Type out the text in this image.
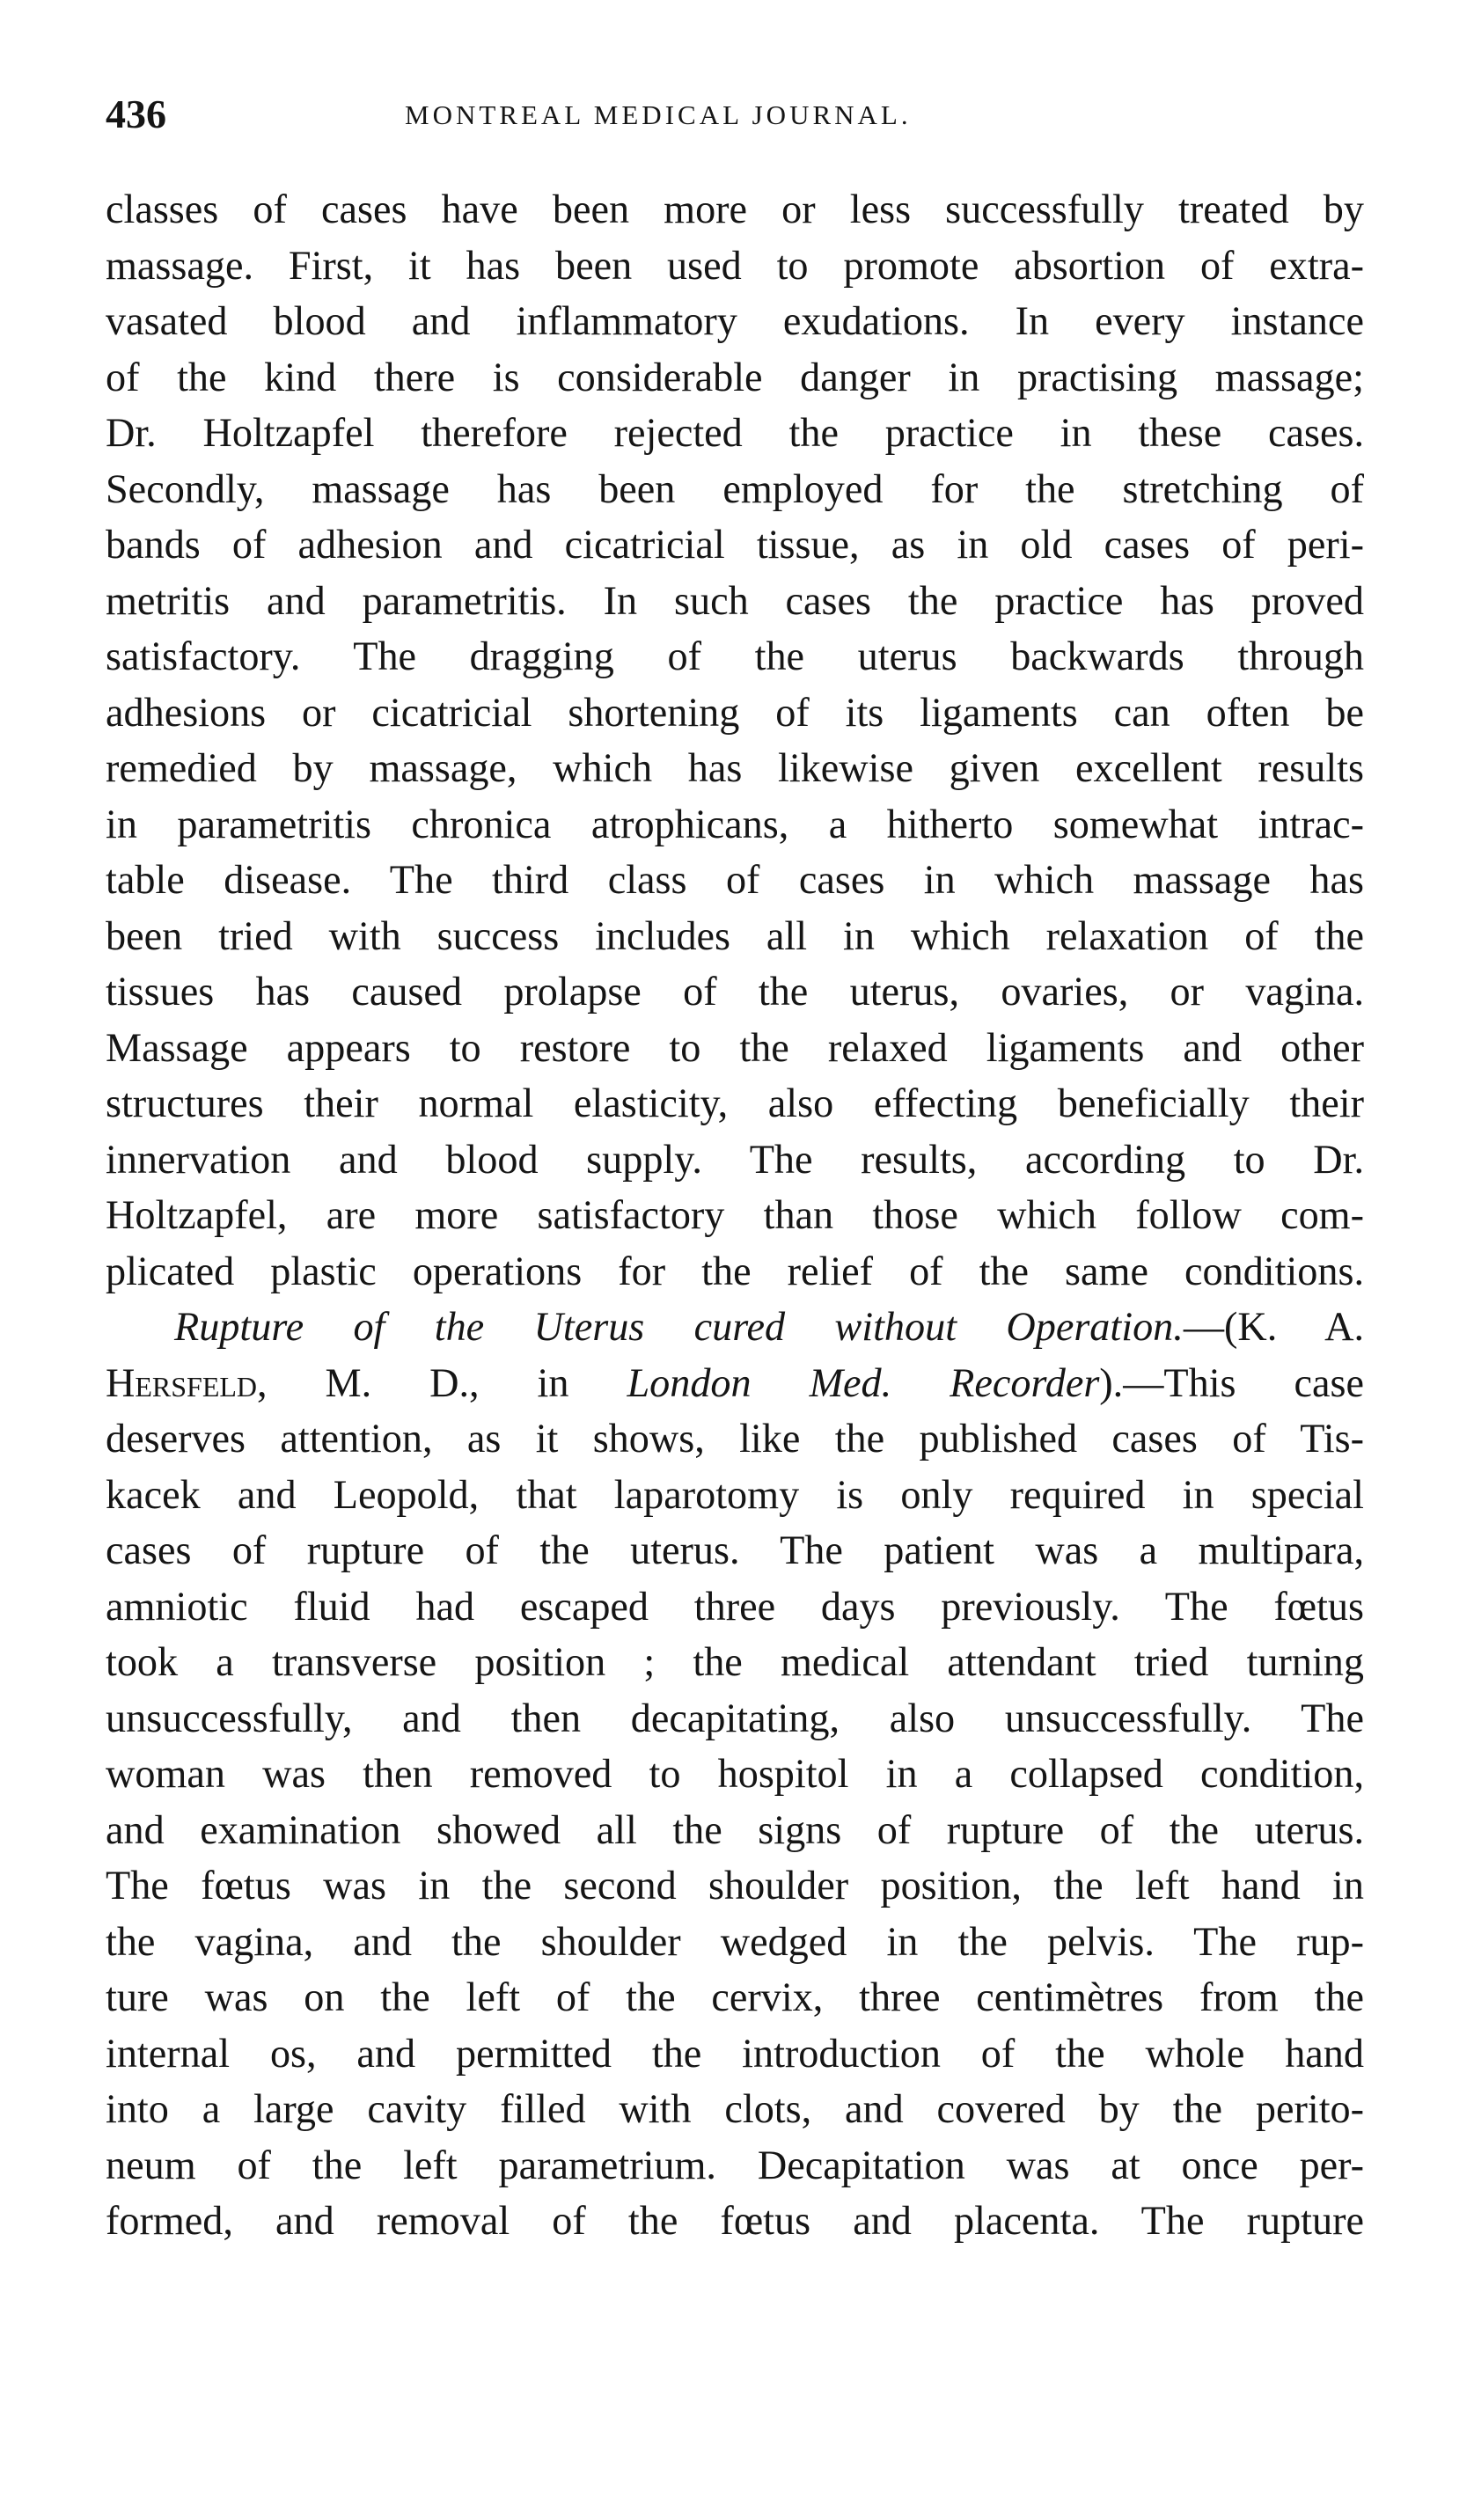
436	MONTREAL MEDICAL JOURNAL.
classes of cases have been more or less successfully treated by
massage. First, it has been used to promote absortion of extra-
vasated blood and inflammatory exudations. In every instance
of the kind there is considerable danger in practising massage;
Dr. Holtzapfel therefore rejected the practice in these cases.
Secondly, massage has been employed for the stretching of
bands of adhesion and cicatricial tissue, as in old cases of peri-
metritis and parametritis. In such cases the practice has proved
satisfactory. The dragging of the uterus backwards through
adhesions or cicatricial shortening of its ligaments can often be
remedied by massage, which has likewise given excellent results
in parametritis chronica atrophicans, a hitherto somewhat intrac-
table disease. The third class of cases in which massage has
been tried with success includes all in which relaxation of the
tissues has caused prolapse of the uterus, ovaries, or vagina.
Massage appears to restore to the relaxed ligaments and other
structures their normal elasticity, also effecting beneficially their
innervation and blood supply. The results, according to Dr.
Holtzapfel, are more satisfactory than those which follow com-
plicated plastic operations for the relief of the same conditions.
Rupture of the Uterus cured without Operation.—(K. A.
Hersfeld, M. D., in London Med. Recorder).—This case
deserves attention, as it shows, like the published cases of Tis-
kacek and Leopold, that laparotomy is only required in special
cases of rupture of the uterus. The patient was a multipara,
amniotic fluid had escaped three days previously. The fœtus
took a transverse position ; the medical attendant tried turning
unsuccessfully, and then decapitating, also unsuccessfully. The
woman was then removed to hospitol in a collapsed condition,
and examination showed all the signs of rupture of the uterus.
The fœtus was in the second shoulder position, the left hand in
the vagina, and the shoulder wedged in the pelvis. The rup-
ture was on the left of the cervix, three centimètres from the
internal os, and permitted the introduction of the whole hand
into a large cavity filled with clots, and covered by the perito-
neum of the left parametrium. Decapitation was at once per-
formed, and removal of the fœtus and placenta. The rupture
